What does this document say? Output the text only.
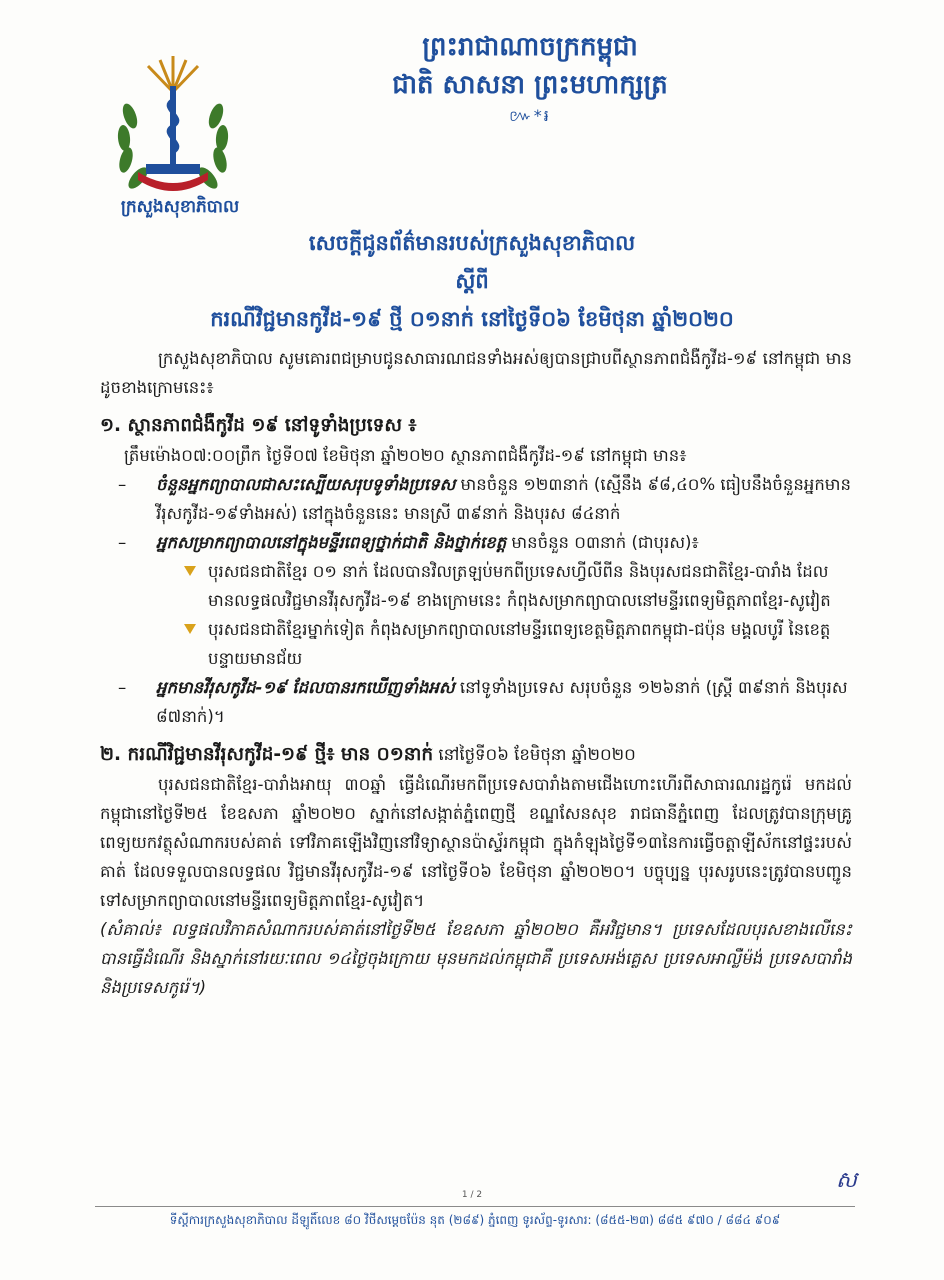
ក្រសួងសុខាភិបាល
ព្រះរាជាណាចក្រកម្ពុជា
ជាតិ សាសនា ព្រះមហាក្សត្រ
៚*៛
សេចក្តីជូនព័ត៌មានរបស់ក្រសួងសុខាភិបាល
ស្តីពី
ករណីវិជ្ជមានកូវីដ-១៩ ថ្មី ០១នាក់ នៅថ្ងៃទី០៦ ខែមិថុនា ឆ្នាំ២០២០

ក្រសួងសុខាភិបាល សូមគោរពជម្រាបជូនសាធារណជនទាំងអស់ឲ្យបានជ្រាបពីស្ថានភាពជំងឺកូវីដ-១៩ នៅកម្ពុជា មានដូចខាងក្រោមនេះ៖

១. ស្ថានភាពជំងឺកូវីដ ១៩ នៅទូទាំងប្រទេស ៖

ត្រឹមម៉ោង០៧:០០ព្រឹក ថ្ងៃទី០៧ ខែមិថុនា ឆ្នាំ២០២០ ស្ថានភាពជំងឺកូវីដ-១៩ នៅកម្ពុជា មាន៖

– ចំនួនអ្នកព្យាបាលជាសះស្បើយសរុបទូទាំងប្រទេស មានចំនួន ១២៣នាក់ (ស្មើនឹង ៩៨,៤០% ធៀបនឹងចំនួនអ្នកមានវីរុសកូវីដ-១៩ទាំងអស់) នៅក្នុងចំនួននេះ មានស្រី ៣៩នាក់ និងបុរស ៨៤នាក់
– អ្នកសម្រាកព្យាបាលនៅក្នុងមន្ទីរពេទ្យថ្នាក់ជាតិ និងថ្នាក់ខេត្ត មានចំនួន ០៣នាក់ (ជាបុរស)៖
បុរសជនជាតិខ្មែរ ០១ នាក់ ដែលបានវិលត្រឡប់មកពីប្រទេសហ្វីលីពីន និងបុរសជនជាតិខ្មែរ-បារាំង ដែលមានលទ្ធផលវិជ្ជមានវីរុសកូវីដ-១៩ ខាងក្រោមនេះ កំពុងសម្រាកព្យាបាលនៅមន្ទីរពេទ្យមិត្តភាពខ្មែរ-សូវៀត
បុរសជនជាតិខ្មែរម្នាក់ទៀត កំពុងសម្រាកព្យាបាលនៅមន្ទីរពេទ្យខេត្តមិត្តភាពកម្ពុជា-ជប៉ុន មង្គលបូរី នៃខេត្តបន្ទាយមានជ័យ
– អ្នកមានវីរុសកូវីដ-១៩ ដែលបានរកឃើញទាំងអស់ នៅទូទាំងប្រទេស សរុបចំនួន ១២៦នាក់ (ស្ត្រី ៣៩នាក់ និងបុរស ៨៧នាក់)។
២. ករណីវិជ្ជមានវីរុសកូវីដ-១៩ ថ្មី៖ មាន ០១នាក់ នៅថ្ងៃទី០៦ ខែមិថុនា ឆ្នាំ២០២០

បុរសជនជាតិខ្មែរ-បារាំងអាយុ ៣០ឆ្នាំ ធ្វើដំណើរមកពីប្រទេសបារាំងតាមជើងហោះហើរពីសាធារណរដ្ឋកូរ៉េ មកដល់កម្ពុជានៅថ្ងៃទី២៥ ខែឧសភា ឆ្នាំ២០២០ ស្នាក់នៅសង្កាត់ភ្នំពេញថ្មី ខណ្ឌសែនសុខ រាជធានីភ្នំពេញ ដែលត្រូវបានក្រុមគ្រូពេទ្យយកវត្ថុសំណាករបស់គាត់ ទៅវិភាគឡើងវិញនៅវិទ្យាស្ថានប៉ាស្ទ័រកម្ពុជា ក្នុងកំឡុងថ្ងៃទី១៣នៃការធ្វើចត្តាឡីស័កនៅផ្ទះរបស់គាត់ ដែលទទួលបានលទ្ធផល វិជ្ជមានវីរុសកូវីដ-១៩ នៅថ្ងៃទី០៦ ខែមិថុនា ឆ្នាំ២០២០។ បច្ចុប្បន្ន បុរសរូបនេះត្រូវបានបញ្ជូនទៅសម្រាកព្យាបាលនៅមន្ទីរពេទ្យមិត្តភាពខ្មែរ-សូវៀត។

(សំគាល់៖ លទ្ធផលវិភាគសំណាករបស់គាត់នៅថ្ងៃទី២៥ ខែឧសភា ឆ្នាំ២០២០ គឺអវិជ្ជមាន។ ប្រទេសដែលបុរសខាងលើនេះ បានធ្វើដំណើរ និងស្នាក់នៅរយៈពេល ១៤ថ្ងៃចុងក្រោយ មុនមកដល់កម្ពុជាគឺ ប្រទេសអង់គ្លេស ប្រទេសអាល្លឺម៉ង់ ប្រទេសបារាំង និងប្រទេសកូរ៉េ។)

ស
1 / 2
ទីស្តីការក្រសួងសុខាភិបាល ដីឡូតិ៍លេខ ៨០ វិថីសម្តេចប៉ែន នុត (២៨៩) ភ្នំពេញ ទូរស័ព្ទ-ទូរសារ: (៨៥៥-២៣) ៨៨៥ ៩៧០ / ៨៨៤ ៩០៩
